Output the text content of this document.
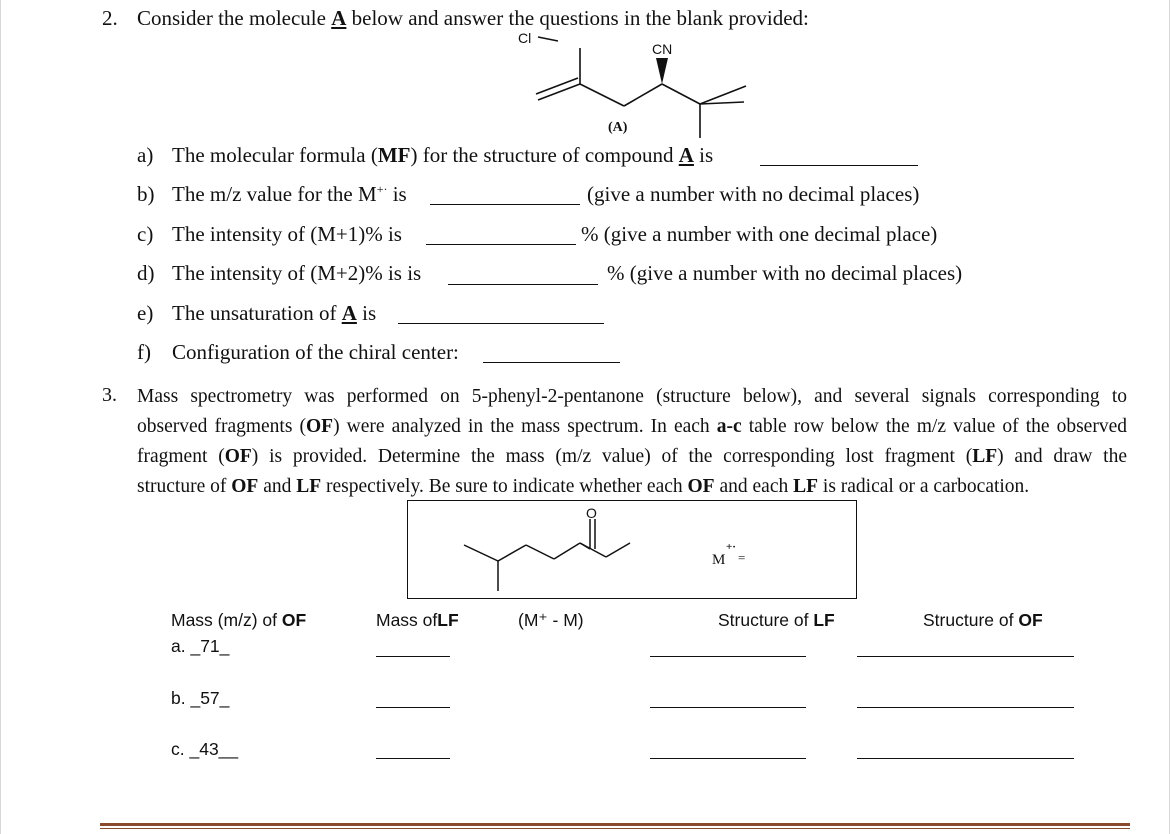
2. Consider the molecule A below and answer the questions in the blank provided:
Cl
CN
(A)
a) The molecular formula (MF) for the structure of compound A is
b) The m/z value for the M+· is	(give a number with no decimal places)
c) The intensity of (M+1)% is	% (give a number with one decimal place)
d) The intensity of (M+2)% is is	% (give a number with no decimal places)
e) The unsaturation of A is
f) Configuration of the chiral center:
3. Mass spectrometry was performed on 5-phenyl-2-pentanone (structure below), and several signals corresponding to
observed fragments (OF) were analyzed in the mass spectrum. In each a-c table row below the m/z value of the observed
fragment (OF) is provided. Determine the mass (m/z value) of the corresponding lost fragment (LF) and draw the
structure of OF and LF respectively. Be sure to indicate whether each OF and each LF is radical or a carbocation.
O
M
+·
=
Mass (m/z) of OF	Mass ofLF	(M⁺ - M)	Structure of LF	Structure of OF
a. _71_
b. _57_
c. _43__
